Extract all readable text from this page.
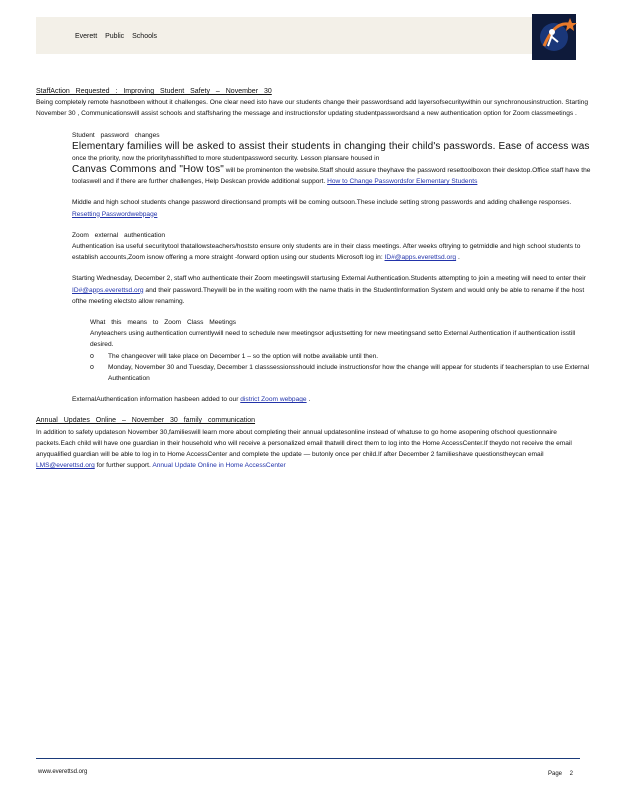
Everett Public Schools

StaffAction Requested : Improving Student Safety – November 30

Being completely remote hasnotbeen without it challenges. One clear need isto have our students change their passwordsand add layersofsecuritywithin our synchronousinstruction. Starting November 30 , Communicationswill assist schools and staffsharing the message and instructionsfor updating studentpasswordsand a new authentication option for Zoom classmeetings .

Student password changes

Elementary families will be asked to assist their students in changing their child's passwords. Ease of access was

once the priority, now the priorityhasshifted to more studentpassword security. Lesson plansare housed in

Canvas Commons and "How tos" will be prominenton the website.Staff should assure theyhave the password resettoolboxon their desktop.Office staff have the toolaswell and if there are further challenges, Help Deskcan provide additional support. How to Change Passwordsfor Elementary Students

Middle and high school students change password directionsand prompts will be coming outsoon.These include setting strong passwords and adding challenge responses. Resetting Passwordwebpage

Zoom external authentication

Authentication isa useful securitytool thatallowsteachers/hoststo ensure only students are in their class meetings. After weeks oftrying to getmiddle and high school students to establish accounts,Zoom isnow offering a more straight -forward option using our students Microsoft log in: ID#@apps.everettsd.org .

Starting Wednesday, December 2, staff who authenticate their Zoom meetingswill startusing External Authentication.Students attempting to join a meeting will need to enter their ID#@apps.everettsd.org and their password.Theywill be in the waiting room with the name thatis in the StudentInformation System and would only be able to rename if the host ofthe meeting electsto allow renaming.

What this means to Zoom Class Meetings

Anyteachers using authentication currentlywill need to schedule new meetingsor adjustsetting for new meetingsand setto External Authentication if authentication isstill desired.

o The changeover will take place on December 1 – so the option will notbe available until then.

o Monday, November 30 and Tuesday, December 1 classsessionsshould include instructionsfor how the change will appear for students if teachersplan to use External Authentication

ExternalAuthentication information hasbeen added to our district Zoom webpage .

Annual Updates Online – November 30 family communication

In addition to safety updateson November 30,familieswill learn more about completing their annual updatesonline instead of whatuse to go home asopening ofschool questionnaire packets.Each child will have one guardian in their household who will receive a personalized email thatwill direct them to log into the Home AccessCenter.If theydo not receive the email anyqualified guardian will be able to log in to Home AccessCenter and complete the update — butonly once per child.If after December 2 familieshave questionstheycan email LMS@everettsd.org for further support. Annual Update Online in Home AccessCenter

www.everettsd.org	Page 2
